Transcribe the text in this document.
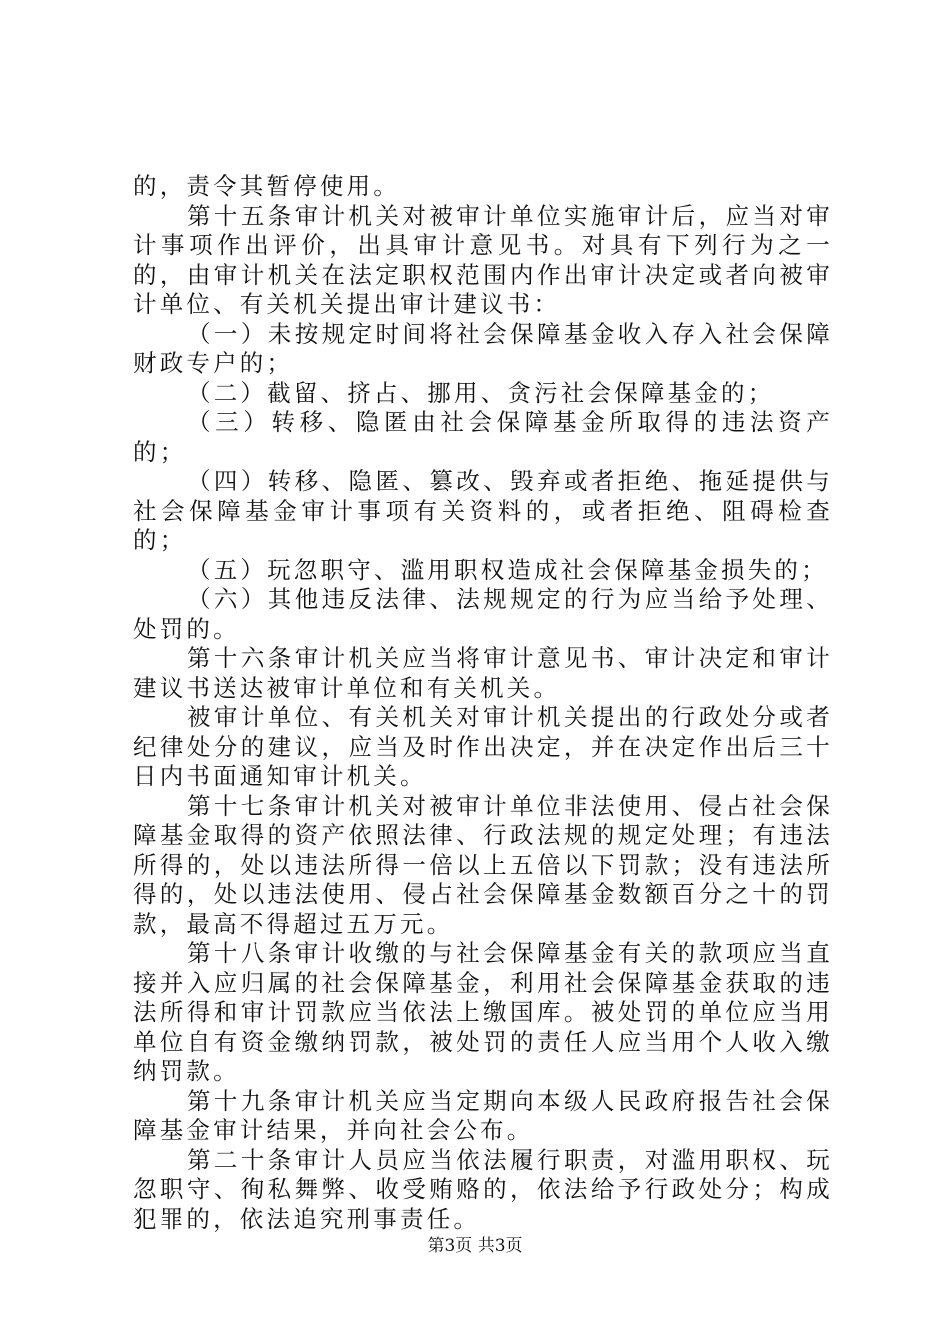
的，责令其暂停使用。

第十五条审计机关对被审计单位实施审计后，应当对审计事项作出评价，出具审计意见书。对具有下列行为之一的，由审计机关在法定职权范围内作出审计决定或者向被审计单位、有关机关提出审计建议书：

（一）未按规定时间将社会保障基金收入存入社会保障财政专户的；

（二）截留、挤占、挪用、贪污社会保障基金的；

（三）转移、隐匿由社会保障基金所取得的违法资产的；

（四）转移、隐匿、篡改、毁弃或者拒绝、拖延提供与社会保障基金审计事项有关资料的，或者拒绝、阻碍检查的；

（五）玩忽职守、滥用职权造成社会保障基金损失的；

（六）其他违反法律、法规规定的行为应当给予处理、处罚的。

第十六条审计机关应当将审计意见书、审计决定和审计建议书送达被审计单位和有关机关。

被审计单位、有关机关对审计机关提出的行政处分或者纪律处分的建议，应当及时作出决定，并在决定作出后三十日内书面通知审计机关。

第十七条审计机关对被审计单位非法使用、侵占社会保障基金取得的资产依照法律、行政法规的规定处理；有违法所得的，处以违法所得一倍以上五倍以下罚款；没有违法所得的，处以违法使用、侵占社会保障基金数额百分之十的罚款，最高不得超过五万元。

第十八条审计收缴的与社会保障基金有关的款项应当直接并入应归属的社会保障基金，利用社会保障基金获取的违法所得和审计罚款应当依法上缴国库。被处罚的单位应当用单位自有资金缴纳罚款，被处罚的责任人应当用个人收入缴纳罚款。

第十九条审计机关应当定期向本级人民政府报告社会保障基金审计结果，并向社会公布。

第二十条审计人员应当依法履行职责，对滥用职权、玩忽职守、徇私舞弊、收受贿赂的，依法给予行政处分；构成犯罪的，依法追究刑事责任。

第3页 共3页
